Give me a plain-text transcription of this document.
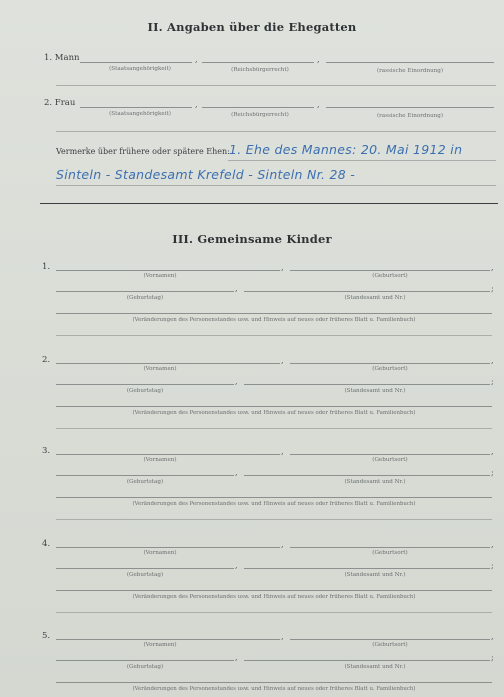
II. Angaben über die Ehegatten
1. Mann	,	,
(Staatsangehörigkeit)	(Reichsbürgerrecht)	(rassische Einordnung)
2. Frau	,	,
(Staatsangehörigkeit)	(Reichsbürgerrecht)	(rassische Einordnung)
Vermerke über frühere oder spätere Ehen: 1. Ehe des Mannes: 20. Mai 1912 in
Sinteln - Standesamt Krefeld - Sinteln Nr. 28 -
III. Gemeinsame Kinder
1.	,	,
(Vornamen)	(Geburtsort)
,	;
(Geburtstag)	(Standesamt und Nr.)
(Veränderungen des Personenstandes usw. und Hinweis auf neues oder früheres Blatt u. Familienbuch)
2.	,	,
(Vornamen)	(Geburtsort)
,	;
(Geburtstag)	(Standesamt und Nr.)
(Veränderungen des Personenstandes usw. und Hinweis auf neues oder früheres Blatt u. Familienbuch)
3.	,	,
(Vornamen)	(Geburtsort)
,	;
(Geburtstag)	(Standesamt und Nr.)
(Veränderungen des Personenstandes usw. und Hinweis auf neues oder früheres Blatt u. Familienbuch)
4.	,	,
(Vornamen)	(Geburtsort)
,	;
(Geburtstag)	(Standesamt und Nr.)
(Veränderungen des Personenstandes usw. und Hinweis auf neues oder früheres Blatt u. Familienbuch)
5.	,	,
(Vornamen)	(Geburtsort)
,	;
(Geburtstag)	(Standesamt und Nr.)
(Veränderungen des Personenstandes usw. und Hinweis auf neues oder früheres Blatt u. Familienbuch)
